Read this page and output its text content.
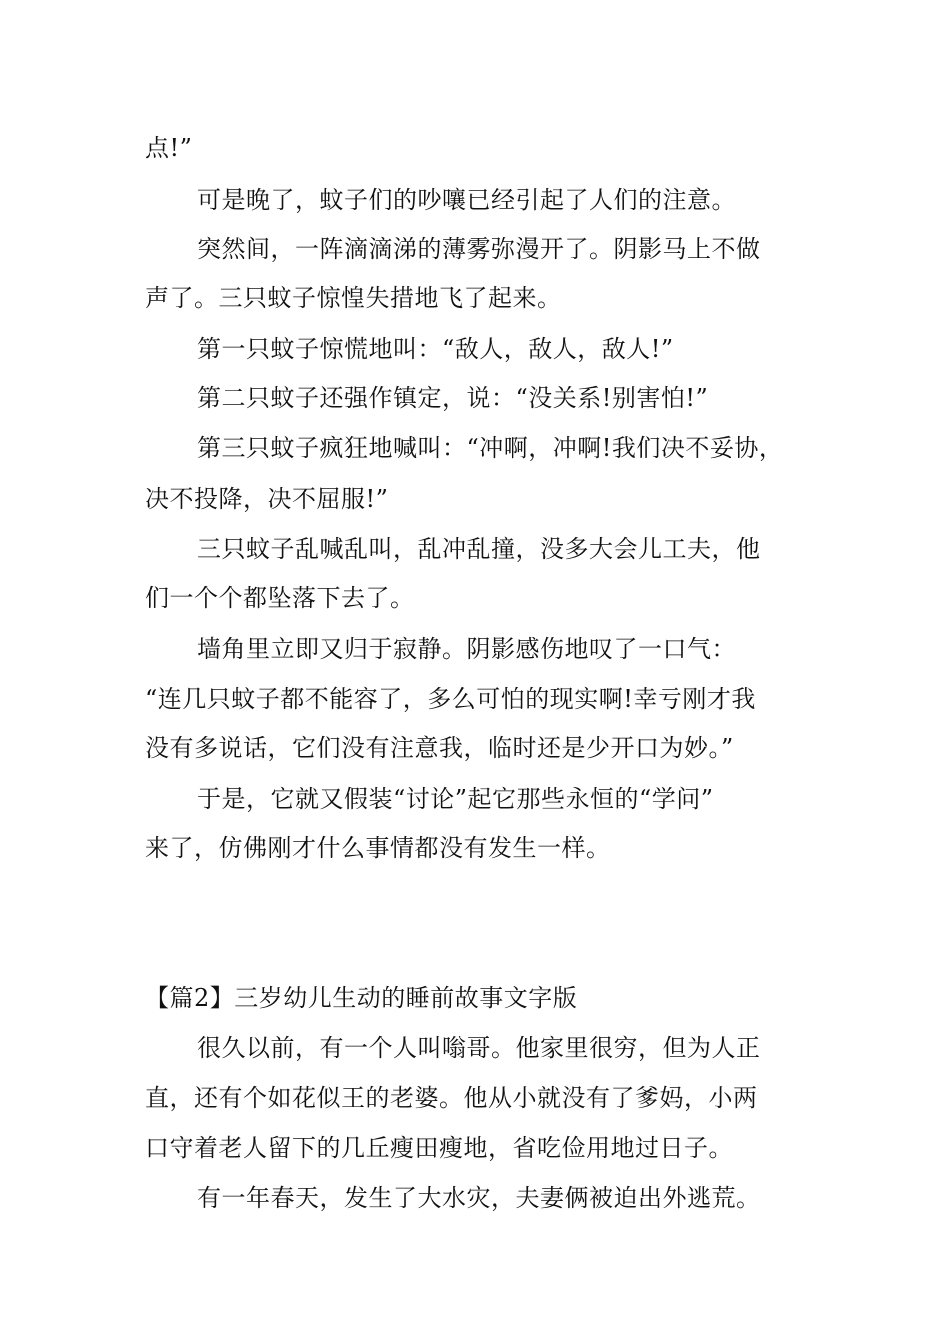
点!”
可是晚了，蚊子们的吵嚷已经引起了人们的注意。
突然间，一阵滴滴涕的薄雾弥漫开了。阴影马上不做
声了。三只蚊子惊惶失措地飞了起来。
第一只蚊子惊慌地叫：“敌人，敌人，敌人!”
第二只蚊子还强作镇定，说：“没关系!别害怕!”
第三只蚊子疯狂地喊叫：“冲啊，冲啊!我们决不妥协，
决不投降，决不屈服!”
三只蚊子乱喊乱叫，乱冲乱撞，没多大会儿工夫，他
们一个个都坠落下去了。
墙角里立即又归于寂静。阴影感伤地叹了一口气：
“连几只蚊子都不能容了，多么可怕的现实啊!幸亏刚才我
没有多说话，它们没有注意我，临时还是少开口为妙。”
于是，它就又假装“讨论”起它那些永恒的“学问”
来了，仿佛刚才什么事情都没有发生一样。
【篇2】三岁幼儿生动的睡前故事文字版
很久以前，有一个人叫嗡哥。他家里很穷，但为人正
直，还有个如花似王的老婆。他从小就没有了爹妈，小两
口守着老人留下的几丘瘦田瘦地，省吃俭用地过日子。
有一年春天，发生了大水灾，夫妻俩被迫出外逃荒。
